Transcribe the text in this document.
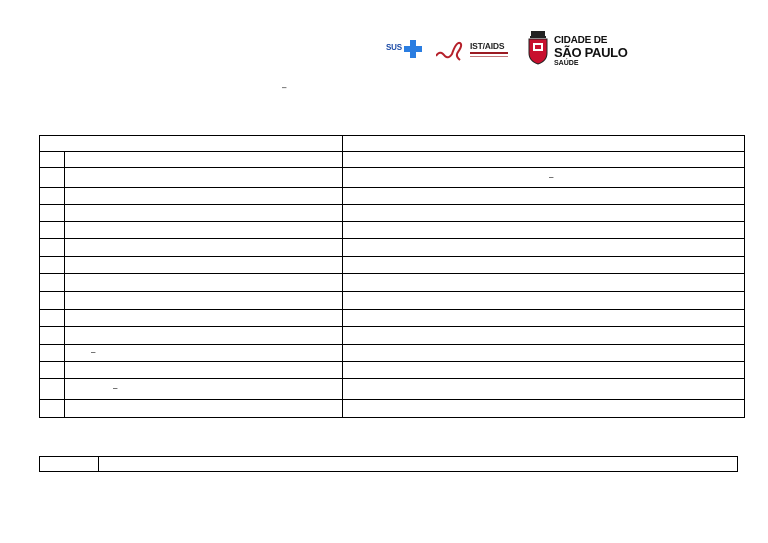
SUS	IST/AIDS	CIDADE DE
SÃO PAULO
SAÚDE
–

		–

	–	

	–	
